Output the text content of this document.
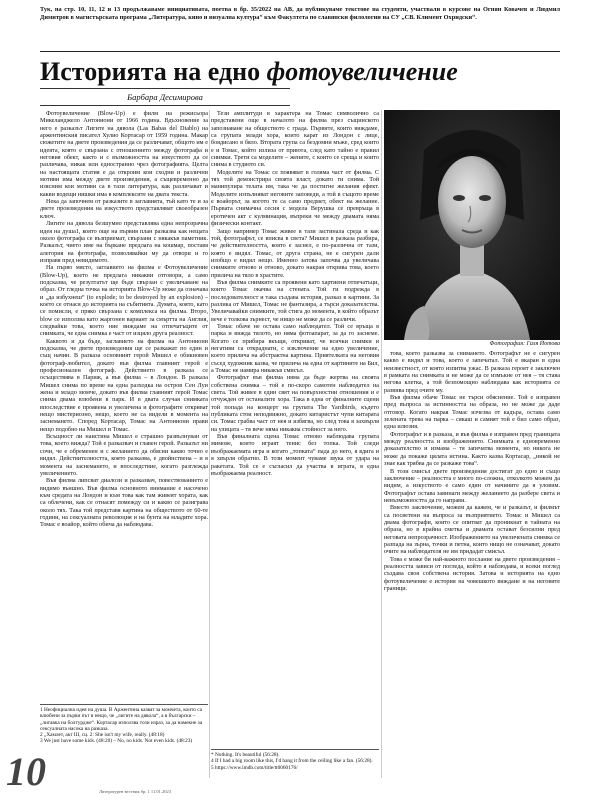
Тук, на стр. 10, 11, 12 и 13 продължаваме инициативата, поетва в бр. 35/2022 на АВ, да публикуваме текстове на студенти, участвали в курсове на Огнян Ковачев и Людмил Димитров в магистърската програма „Литература, кино и визуална култура“ към Факултета по славянски филологии на СУ „СВ. Климент Охридски“.
Историята на едно фотоувеличение
Барбара Десимирова

Фотоувеличение (Blow-Up) е филм на режисьора Микеланджело Антониони от 1966 година. Вдъхновение за него е разказът Лигите на дявола (Las Babas del Diablo) на аржентинския писател Хулио Кортасар от 1959 година. Макар сюжетите на двете произведения да се различават, общото им е идеята, която е свързана с отношението между фотографа и неговия обект, както и с възможността на изкуството да се различава, никак или едностранно чрез фотографията. Целта на настоящата статия е да откроим кои сходни и различни мотиви има между двете произведения, а същевременно да изясним кои мотиви са в тази литература, как различават и какви водещи нишки има в комплексите на двата текста.

Нека да започнем от разказите в заглавията, тъй като те и за двете произведения на изкуството представляват своеобразен ключ.

Лигите на дявола безшумно представлява една непрозрачна идея на душа1, която още на първия план разказва как нещата около фотографа се възприемат, свързани с някакъв паметник. Разказът, чието име на бъркане предлага на кошмар, поставя алегория на фотографа, позволявайки му да отвори и го изправя пред невидимото.

На първо място, заглавието на филма е Фотоувеличение (Blow-Up), което не предлага никакви отговори, а само подсказва, че резултатът ще бъде свързан с увеличаване на образ. От гледна точка на историята Blow-Up може да означава и „да избухнеш“ (to explode; to be destroyed by an explosion) – което се отнася до историята на събитията. Думата, която, като се помисли, е пряко свързана с комплекса на филма. Второ, blow се използва като жаргонен вариант за смъртта на Англия, следвайки това, което ние виждаме на отпечатъците от снимката, че една снимка е част от изцяло друга реалност.

Каквото и да бъде, заглавието на филма на Антониони подсказва, че двете произведения ще се разкажат по един и същ начин. В разказа основният герой Мишел е обикновен фотограф-любител, докато във филма главният герой е професионален фотограф. Действието в разказа се осъществява в Париж, а във филма – в Лондон. В разказа Мишел снима по време на една разходка на остров Сен Луи жена и младо момче, докато във филма главният герой Томас снима двама влюбени в парк. И в двата случая снимката впоследствие е проявена и увеличена и фотографите откриват нещо мистериозно, нещо, което не са видели в момента на заснемането. Според Кортасар, Томас на Антониони прави нещо подобно на Мишел и Томас.

Всъщност ли наистина Мишел е страшно развълнуван от това, което вижда? Той е разказвач и главен герой. Разказът ни сочи, че е обременен и с желанието да обясни какво точно е видял. Действителността, която разказва, е двойнствена – и в момента на заснемането, и впоследствие, когато разглежда увеличението.

Във филма липсват диалози и разказвач, повествованието е видимо външно. Във филма основното внимание е насочено към средата на Лондон и към това как там живеят хората, как са облечени, как се отнасят помежду си и какво се разиграва около тях. Така той представя картина на обществото от 60-те години, на сексуалната революция и на бунта на младите хора. Томас е воайор, който обича да наблюдава.

1 Неофициална идея на душа. В Аржентина казват за момчета, които са влюбени за първи път в нещо, че „лигите на дявола“, а в български – „лигавка на болтурдже“. Кортасар използва този израз, за да намекне за сексуалната насока на разказа.

2 „Хамлет, акт ІІІ, сц. 2: She isn't my wife, really. (48:18)

3 We just have some kids. (48:20) – No, no kids. Not even kids. (48:23)

Тези амплитуди в характера на Томас символично са представени още в началото на филма през същинското запознаване на обществото с града. Първите, които виждаме, са групата млади хора, които карат из Лондон с лице, боядисано в бяло. Втората група са бездомни мъже, сред които е и Томас, който излиза от приюта, след като тайно е правил снимки. Трети са моделите – жените, с които се среща и които снима в студиото си.

Моделите на Томас се появяват в голяма част от филма. С тях той демонстрира своята власт, докато ги снима. Той манипулира телата им, така че да постигне желания ефект. Моделите изпълняват неговите заповеди, а той в същото време е воайорът, за когото те са само предмет, обект на желание. Първата снимачна сесия с модела Верушка се превръща в еротичен акт с кулминация, въпреки че между двамата няма физически контакт.

Защо например Томас живее в тази застинала среда и как той, фотографът, се вписва в света? Мишел в разказа разбира, че действителността, която е заснел, е по-различна от тази, която е видял. Томас, от друга страна, не е сигурен дали изобщо е видял нещо. Именно затова започва да увеличава снимките отново и отново, докато накрая открива това, което прилича на тяло в храстите.

Във филма снимките са проявени като хартиени отпечатъци, които Томас окачва на стената. Той ги подрежда в последователност и така създава история, разказ в картини. За разлика от Мишел, Томас не фантазира, а търси доказателства. Увеличавайки снимките, той стига до момента, в който образът вече е толкова зърнест, че нищо не може да се различи.

Томас обаче не остава само наблюдател. Той се връща в парка и вижда тялото, но няма фотоапарат, за да го заснеме. Когато се прибира вкъщи, откриват, че всички снимки и негативи са откраднати, с изключение на едно увеличение, което прилича на абстрактна картина. Приятелката на неговия съсед художник казва, че прилича на една от картините на Бил, а Томас не намира никакъв смисъл.

Фотографът във филма няма да бъде жертва на своята собствена снимка – той е по-скоро самотен наблюдател на света. Той живее в един свят на повърхностни отношения и е отчужден от останалите хора. Така в една от финалните сцени той попада на концерт на групата The Yardbirds, където публиката стои неподвижно, докато китаристът чупи китарата си. Томас грабва част от нея и избягва, но след това я захвърля на улицата – тя вече няма никаква стойност за него.

Във финалната сцена Томас отново наблюдава групата мимове, които играят тенис без топка. Той следи въображаемата игра и когато „топката“ пада до него, я вдига и я хвърля обратно. В този момент чуваме звука от удара на ракетата. Той се е съгласил да участва в играта, в една въображаема реалност.

* Nothing. It's beautiful (56:28).

4 If I had a big room like this, I'd hang it from the ceiling like a fan. (56:28).

5 https://www.imdb.com/title/tt0060176/

Фотография: Галя Йотова

това, което разказва за снимането. Фотографът не е сигурен какво е видял и това, което е запечатал. Той е вкаран в една неизвестност, от която изпитва ужас. В разказа героят е заключен в рамката на снимката и не може да се измъкне от нея – тя става негова клетка, а той безпомощно наблюдава как историята се развива пред очите му.

Във филма обаче Томас не търси обяснение. Той е изправен пред въпроса за истинността на образа, но не може да даде отговор. Когато накрая Томас изчезва от кадъра, остава само зелената трева на парка – сякаш и самият той е бил само образ, една илюзия.

Фотографът и в разказа, и във филма е изправен пред границата между реалността и изображението. Снимката е едновременно доказателство и измама – тя запечатва момента, но никога не може да покаже цялата истина. Както казва Кортасар, „никой не знае как трябва да се разкаже това“.

В този смисъл двете произведения достигат до едно и също заключение – реалността е много по-сложна, отколкото можем да видим, а изкуството е само един от начините да я уловим. Фотографът остава завинаги между желанието да разбере света и невъзможността да го направи.

Вместо заключение, можем да кажем, че и разказът, и филмът са посветени на въпроса за възприятието. Томас и Мишел са двама фотографи, които се опитват да проникнат в тайната на образа, но в крайна сметка и двамата остават безсилни пред неговата непрозрачност. Изображението на увеличената снимка се разпада на зърна, точки и петна, които нищо не означават, докато очите на наблюдателя не им придадат смисъл.

Това е може би най-важното послание на двете произведения – реалността зависи от погледа, който я наблюдава, и всеки поглед създава своя собствена история. Затова и историята на едно фотоувеличение е история на човешкото виждане и на неговите граници.

10	Литературен вестник бр. 1 11.01.2023
